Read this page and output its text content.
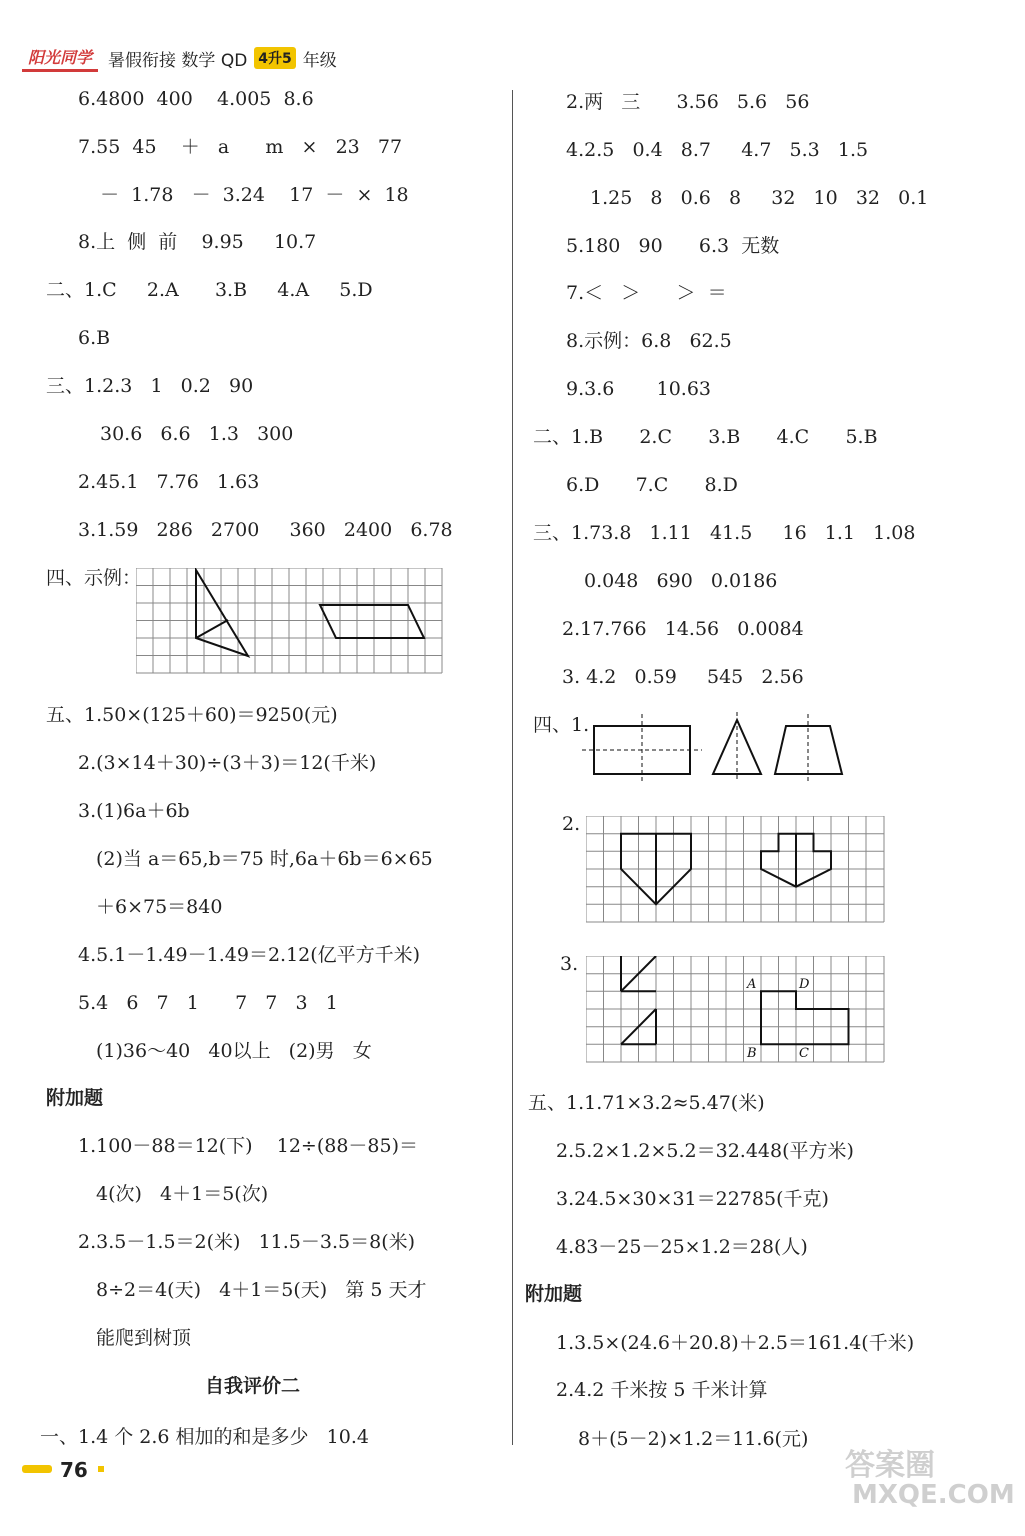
阳光同学 暑假衔接 数学 QD 4升5 年级
6.4800  400    4.005  8.6
7.55  45    ＋   a      m   ×   23   77
－  1.78   －  3.24    17  －  ×  18
8.上  侧  前    9.95     10.7
二、1.C     2.A      3.B     4.A     5.D
6.B
三、1.2.3   1   0.2   90
30.6   6.6   1.3   300
2.45.1   7.76   1.63
3.1.59   286   2700     360   2400   6.78
四、示例：
五、1.50×(125＋60)＝9250(元)
2.(3×14＋30)÷(3＋3)＝12(千米)
3.(1)6a＋6b
(2)当 a＝65,b＝75 时,6a＋6b＝6×65
＋6×75＝840
4.5.1－1.49－1.49＝2.12(亿平方千米)
5.4   6   7   1      7   7   3   1
(1)36～40   40以上   (2)男   女
附加题
1.100－88＝12(下)    12÷(88－85)＝
4(次)   4＋1＝5(次)
2.3.5－1.5＝2(米)   11.5－3.5＝8(米)
8÷2＝4(天)   4＋1＝5(天)   第 5 天才
能爬到树顶
自我评价二
一、1.4 个 2.6 相加的和是多少   10.4
2.两   三      3.56   5.6   56
4.2.5   0.4   8.7     4.7   5.3   1.5
1.25   8   0.6   8     32   10   32   0.1
5.180   90      6.3  无数
7.＜   ＞      ＞  ＝
8.示例：6.8   62.5
9.3.6       10.63
二、1.B      2.C      3.B      4.C      5.B
6.D      7.C      8.D
三、1.73.8   1.11   41.5     16   1.1   1.08
0.048   690   0.0186
2.17.766   14.56   0.0084
3. 4.2   0.59     545   2.56
四、1.
2.
3.
A	D
B	C
五、1.1.71×3.2≈5.47(米)
2.5.2×1.2×5.2＝32.448(平方米)
3.24.5×30×31＝22785(千克)
4.83－25－25×1.2＝28(人)
附加题
1.3.5×(24.6＋20.8)＋2.5＝161.4(千米)
2.4.2 千米按 5 千米计算
8＋(5－2)×1.2＝11.6(元)
76	答案圈
MXQE.COM
